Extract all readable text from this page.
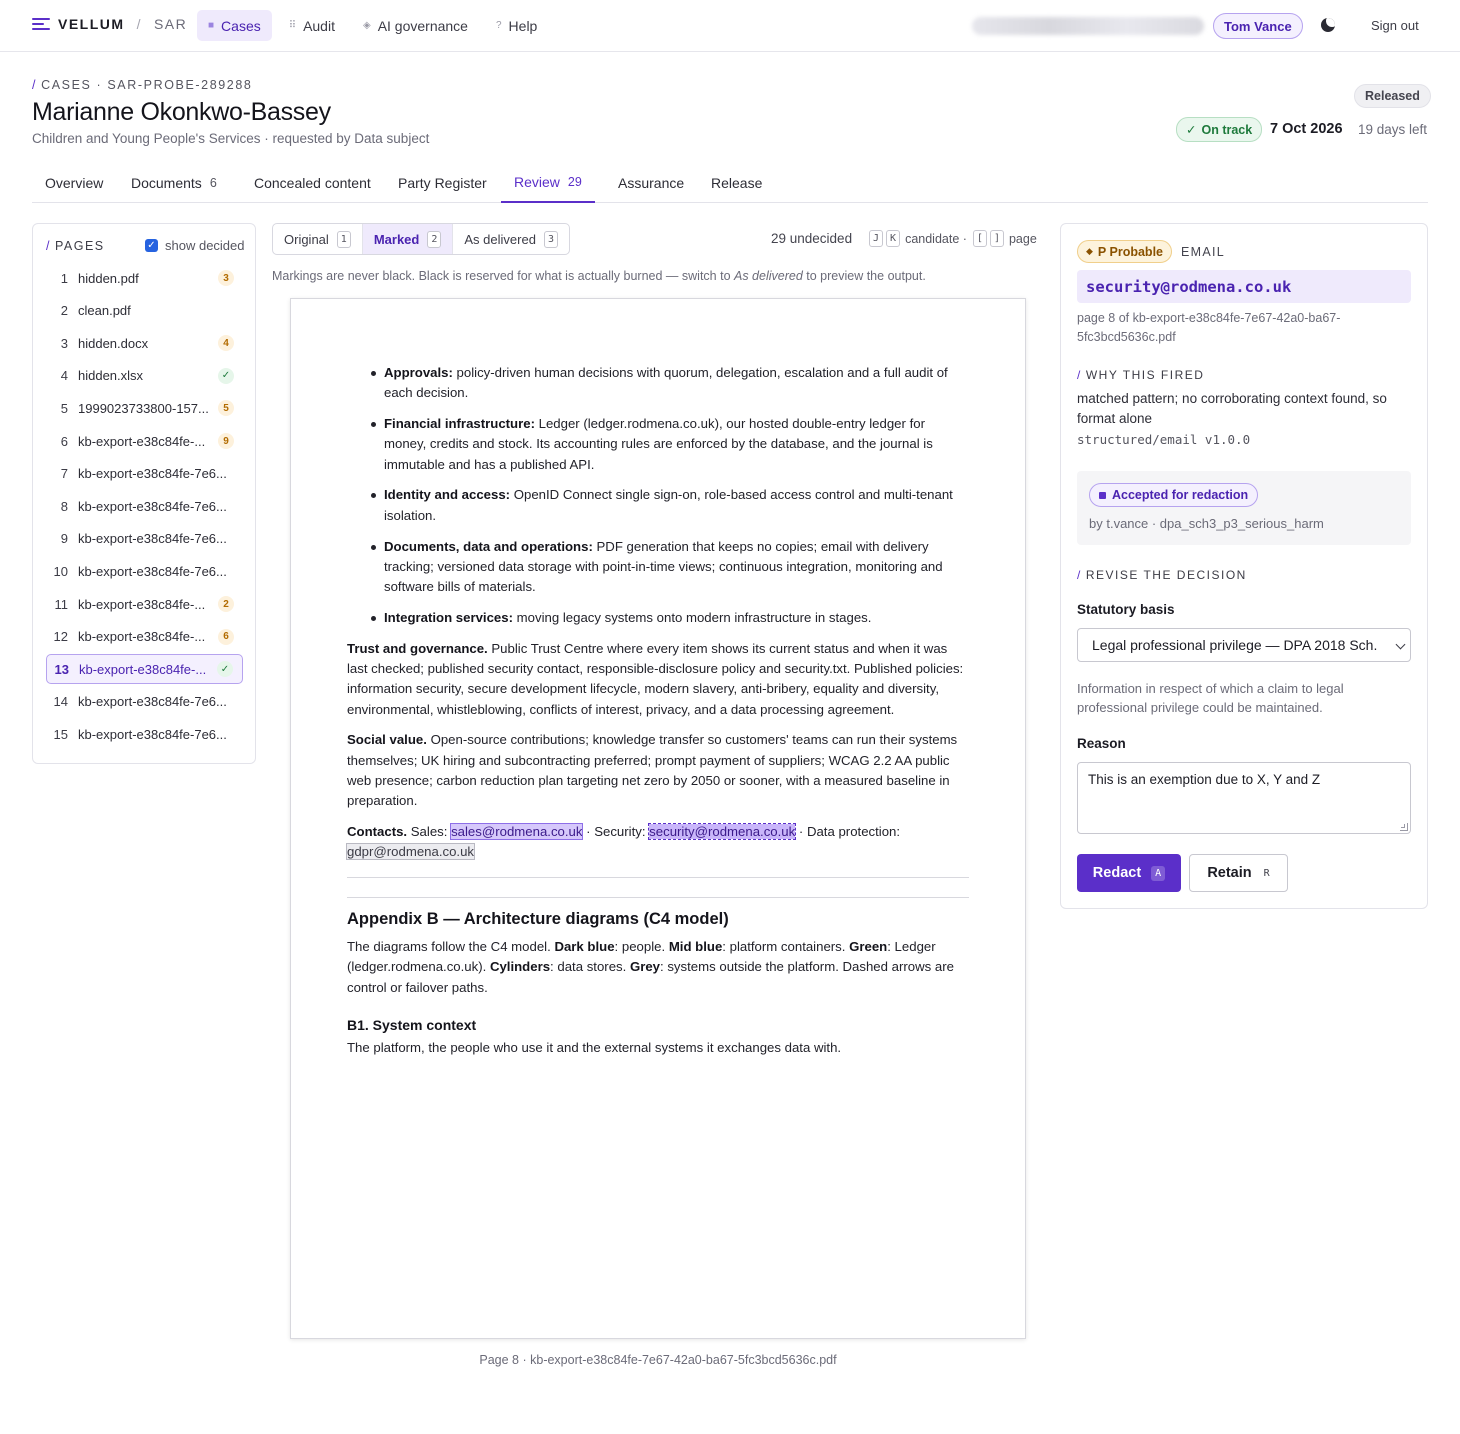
VELLUM / SAR ■ Cases	⠿ Audit	◈ AI governance	? Help	Tom Vance	Sign out
/ CASES · SAR-PROBE-289288
Marianne Okonkwo-Bassey
Children and Young People's Services · requested by Data subject
Released
✓ On track 7 Oct 2026 19 days left
Overview Documents 6	Concealed content Party Register Review 29	Assurance Release
/ PAGES	✓ show decided
1 hidden.pdf	3
2 clean.pdf
3 hidden.docx	4
4 hidden.xlsx	✓
5 1999023733800-157...	5
6 kb-export-e38c84fe-...	9
7 kb-export-e38c84fe-7e6...
8 kb-export-e38c84fe-7e6...
9 kb-export-e38c84fe-7e6...
10 kb-export-e38c84fe-7e6...
11 kb-export-e38c84fe-...	2
12 kb-export-e38c84fe-...	6
13 kb-export-e38c84fe-...	✓
14 kb-export-e38c84fe-7e6...
15 kb-export-e38c84fe-7e6...
Original	1	Marked	2	As delivered	3	29 undecided	J	K candidate ·	[	] page
Markings are never black. Black is reserved for what is actually burned — switch to As delivered to preview the output.
Approvals: policy-driven human decisions with quorum, delegation, escalation and a full audit of each decision.
Financial infrastructure: Ledger (ledger.rodmena.co.uk), our hosted double-entry ledger for money, credits and stock. Its accounting rules are enforced by the database, and the journal is immutable and has a published API.
Identity and access: OpenID Connect single sign-on, role-based access control and multi-tenant isolation.
Documents, data and operations: PDF generation that keeps no copies; email with delivery tracking; versioned data storage with point-in-time views; continuous integration, monitoring and software bills of materials.
Integration services: moving legacy systems onto modern infrastructure in stages.

Trust and governance. Public Trust Centre where every item shows its current status and when it was last checked; published security contact, responsible-disclosure policy and security.txt. Published policies: information security, secure development lifecycle, modern slavery, anti-bribery, equality and diversity, environmental, whistleblowing, conflicts of interest, privacy, and a data processing agreement.

Social value. Open-source contributions; knowledge transfer so customers' teams can run their systems themselves; UK hiring and subcontracting preferred; prompt payment of suppliers; WCAG 2.2 AA public web presence; carbon reduction plan targeting net zero by 2050 or sooner, with a measured baseline in preparation.

Contacts. Sales: sales@rodmena.co.uk · Security: security@rodmena.co.uk · Data protection: gdpr@rodmena.co.uk

Appendix B — Architecture diagrams (C4 model)

The diagrams follow the C4 model. Dark blue: people. Mid blue: platform containers. Green: Ledger (ledger.rodmena.co.uk). Cylinders: data stores. Grey: systems outside the platform. Dashed arrows are control or failover paths.

B1. System context

The platform, the people who use it and the external systems it exchanges data with.

Page 8 · kb-export-e38c84fe-7e67-42a0-ba67-5fc3bcd5636c.pdf
◆ P Probable EMAIL
security@rodmena.co.uk
page 8 of kb-export-e38c84fe-7e67-42a0-ba67-5fc3bcd5636c.pdf
/ WHY THIS FIRED
matched pattern; no corroborating context found, so format alone
structured/email v1.0.0
Accepted for redaction
by t.vance · dpa_sch3_p3_serious_harm
/ REVISE THE DECISION
Statutory basis
Legal professional privilege — DPA 2018 Sch.
Information in respect of which a claim to legal professional privilege could be maintained.
Reason
This is an exemption due to X, Y and Z
Redact	A	Retain R
